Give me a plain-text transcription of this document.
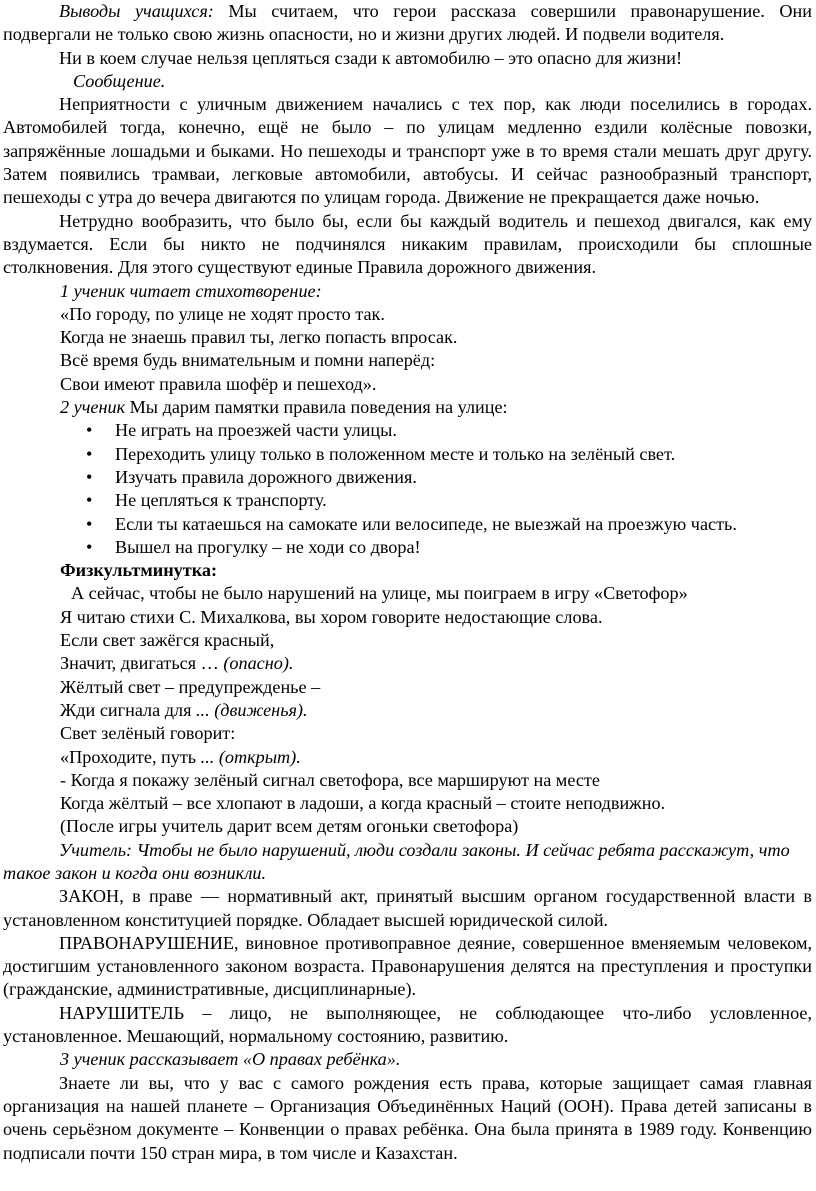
Выводы учащихся: Мы считаем, что герои рассказа совершили правонарушение. Они подвергали не только свою жизнь опасности, но и жизни других людей. И подвели водителя.

Ни в коем случае нельзя цепляться сзади к автомобилю – это опасно для жизни!

Сообщение.

Неприятности с уличным движением начались с тех пор, как люди поселились в городах. Автомобилей тогда, конечно, ещё не было – по улицам медленно ездили колёсные повозки, запряжённые лошадьми и быками. Но пешеходы и транспорт уже в то время стали мешать друг другу. Затем появились трамваи, легковые автомобили, автобусы. И сейчас разнообразный транспорт, пешеходы с утра до вечера двигаются по улицам города. Движение не прекращается даже ночью.

Нетрудно вообразить, что было бы, если бы каждый водитель и пешеход двигался, как ему вздумается. Если бы никто не подчинялся никаким правилам, происходили бы сплошные столкновения. Для этого существуют единые Правила дорожного движения.

1 ученик читает стихотворение:

«По городу, по улице не ходят просто так.

Когда не знаешь правил ты, легко попасть впросак.

Всё время будь внимательным и помни наперёд:

Свои имеют правила шофёр и пешеход».

2 ученик Мы дарим памятки правила поведения на улице:

• Не играть на проезжей части улицы.
• Переходить улицу только в положенном месте и только на зелёный свет.
• Изучать правила дорожного движения.
• Не цепляться к транспорту.
• Если ты катаешься на самокате или велосипеде, не выезжай на проезжую часть.
• Вышел на прогулку – не ходи со двора!

Физкультминутка:

А сейчас, чтобы не было нарушений на улице, мы поиграем в игру «Светофор»

Я читаю стихи С. Михалкова, вы хором говорите недостающие слова.

Если свет зажёгся красный,

Значит, двигаться … (опасно).

Жёлтый свет – предупрежденье –

Жди сигнала для ... (движенья).

Свет зелёный говорит:

«Проходите, путь ... (открыт).

- Когда я покажу зелёный сигнал светофора, все маршируют на месте

Когда жёлтый – все хлопают в ладоши, а когда красный – стоите неподвижно.

(После игры учитель дарит всем детям огоньки светофора)

Учитель: Чтобы не было нарушений, люди создали законы. И сейчас ребята расскажут, что такое закон и когда они возникли.

ЗАКОН, в праве — нормативный акт, принятый высшим органом государственной власти в установленном конституцией порядке. Обладает высшей юридической силой.

ПРАВОНАРУШЕНИЕ, виновное противоправное деяние, совершенное вменяемым человеком, достигшим установленного законом возраста. Правонарушения делятся на преступления и проступки (гражданские, административные, дисциплинарные).

НАРУШИТЕЛЬ – лицо, не выполняющее, не соблюдающее что-либо условленное, установленное. Мешающий, нормальному состоянию, развитию.

3 ученик рассказывает «О правах ребёнка».

Знаете ли вы, что у вас с самого рождения есть права, которые защищает самая главная организация на нашей планете – Организация Объединённых Наций (ООН). Права детей записаны в очень серьёзном документе – Конвенции о правах ребёнка. Она была принята в 1989 году. Конвенцию подписали почти 150 стран мира, в том числе и Казахстан.
